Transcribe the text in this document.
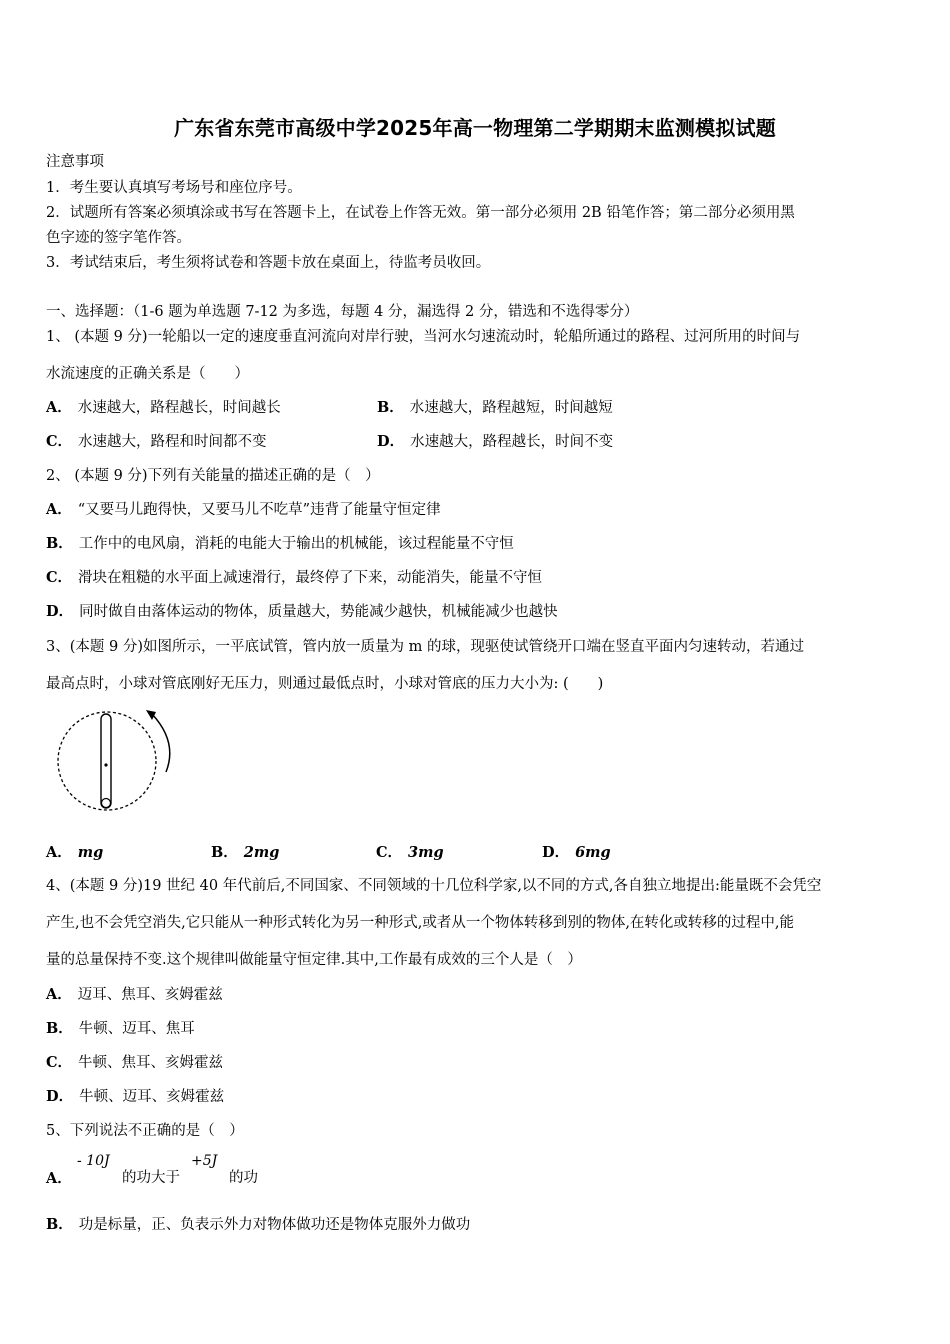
广东省东莞市高级中学2025年高一物理第二学期期末监测模拟试题
注意事项
1．考生要认真填写考场号和座位序号。
2．试题所有答案必须填涂或书写在答题卡上，在试卷上作答无效。第一部分必须用 2B 铅笔作答；第二部分必须用黑
色字迹的签字笔作答。
3．考试结束后，考生须将试卷和答题卡放在桌面上，待监考员收回。
一、选择题：（1-6 题为单选题 7-12 为多选，每题 4 分，漏选得 2 分，错选和不选得零分）
1、 (本题 9 分)一轮船以一定的速度垂直河流向对岸行驶，当河水匀速流动时，轮船所通过的路程、过河所用的时间与
水流速度的正确关系是（　　）
A． 水速越大，路程越长，时间越长	B． 水速越大，路程越短，时间越短
C． 水速越大，路程和时间都不变	D． 水速越大，路程越长，时间不变
2、 (本题 9 分)下列有关能量的描述正确的是（　）
A． “又要马儿跑得快，又要马儿不吃草”违背了能量守恒定律
B． 工作中的电风扇，消耗的电能大于输出的机械能，该过程能量不守恒
C． 滑块在粗糙的水平面上减速滑行，最终停了下来，动能消失，能量不守恒
D． 同时做自由落体运动的物体，质量越大，势能减少越快，机械能减少也越快
3、(本题 9 分)如图所示，一平底试管，管内放一质量为 m 的球，现驱使试管绕开口端在竖直平面内匀速转动，若通过
最高点时，小球对管底刚好无压力，则通过最低点时，小球对管底的压力大小为: (　　)
A． mg	B． 2mg	C． 3mg	D． 6mg
4、(本题 9 分)19 世纪 40 年代前后,不同国家、不同领域的十几位科学家,以不同的方式,各自独立地提出:能量既不会凭空
产生,也不会凭空消失,它只能从一种形式转化为另一种形式,或者从一个物体转移到别的物体,在转化或转移的过程中,能
量的总量保持不变.这个规律叫做能量守恒定律.其中,工作最有成效的三个人是（　）
A． 迈耳、焦耳、亥姆霍兹
B． 牛顿、迈耳、焦耳
C． 牛顿、焦耳、亥姆霍兹
D． 牛顿、迈耳、亥姆霍兹
5、下列说法不正确的是（　）
A．
- 10J
的功大于
+5J
的功
B． 功是标量，正、负表示外力对物体做功还是物体克服外力做功
